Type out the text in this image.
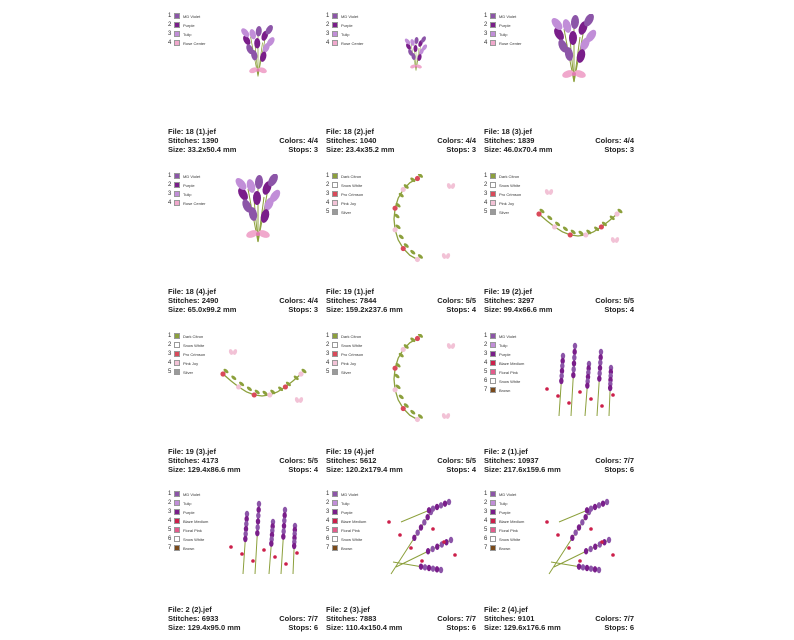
1	MD Violet
2	Purple
3	Tulip
4	Rose Center
File: 18 (1).jef
Stitches: 1390	Colors: 4/4
Size: 33.2x50.4 mm	Stops: 3
1	MD Violet
2	Purple
3	Tulip
4	Rose Center
File: 18 (2).jef
Stitches: 1040	Colors: 4/4
Size: 23.4x35.2 mm	Stops: 3
1	MD Violet
2	Purple
3	Tulip
4	Rose Center
File: 18 (3).jef
Stitches: 1839	Colors: 4/4
Size: 46.0x70.4 mm	Stops: 3
1	MD Violet
2	Purple
3	Tulip
4	Rose Center
File: 18 (4).jef
Stitches: 2490	Colors: 4/4
Size: 65.0x99.2 mm	Stops: 3
1	Dark Citron
2	Snow White
3	Pro Crimson
4	Pink Joy
5	Silver
File: 19 (1).jef
Stitches: 7844	Colors: 5/5
Size: 159.2x237.6 mm	Stops: 4
1	Dark Citron
2	Snow White
3	Pro Crimson
4	Pink Joy
5	Silver
File: 19 (2).jef
Stitches: 3297	Colors: 5/5
Size: 99.4x66.6 mm	Stops: 4
1	Dark Citron
2	Snow White
3	Pro Crimson
4	Pink Joy
5	Silver
File: 19 (3).jef
Stitches: 4173	Colors: 5/5
Size: 129.4x86.6 mm	Stops: 4
1	Dark Citron
2	Snow White
3	Pro Crimson
4	Pink Joy
5	Silver
File: 19 (4).jef
Stitches: 5612	Colors: 5/5
Size: 120.2x179.4 mm	Stops: 4
1	MD Violet
2	Tulip
3	Purple
4	Blaze Medium
5	Floral Pink
6	Snow White
7	Brown
File: 2 (1).jef
Stitches: 10937	Colors: 7/7
Size: 217.6x159.6 mm	Stops: 6
1	MD Violet
2	Tulip
3	Purple
4	Blaze Medium
5	Floral Pink
6	Snow White
7	Brown
File: 2 (2).jef
Stitches: 6933	Colors: 7/7
Size: 129.4x95.0 mm	Stops: 6
1	MD Violet
2	Tulip
3	Purple
4	Blaze Medium
5	Floral Pink
6	Snow White
7	Brown
File: 2 (3).jef
Stitches: 7883	Colors: 7/7
Size: 110.4x150.4 mm	Stops: 6
1	MD Violet
2	Tulip
3	Purple
4	Blaze Medium
5	Floral Pink
6	Snow White
7	Brown
File: 2 (4).jef
Stitches: 9101	Colors: 7/7
Size: 129.6x176.6 mm	Stops: 6
